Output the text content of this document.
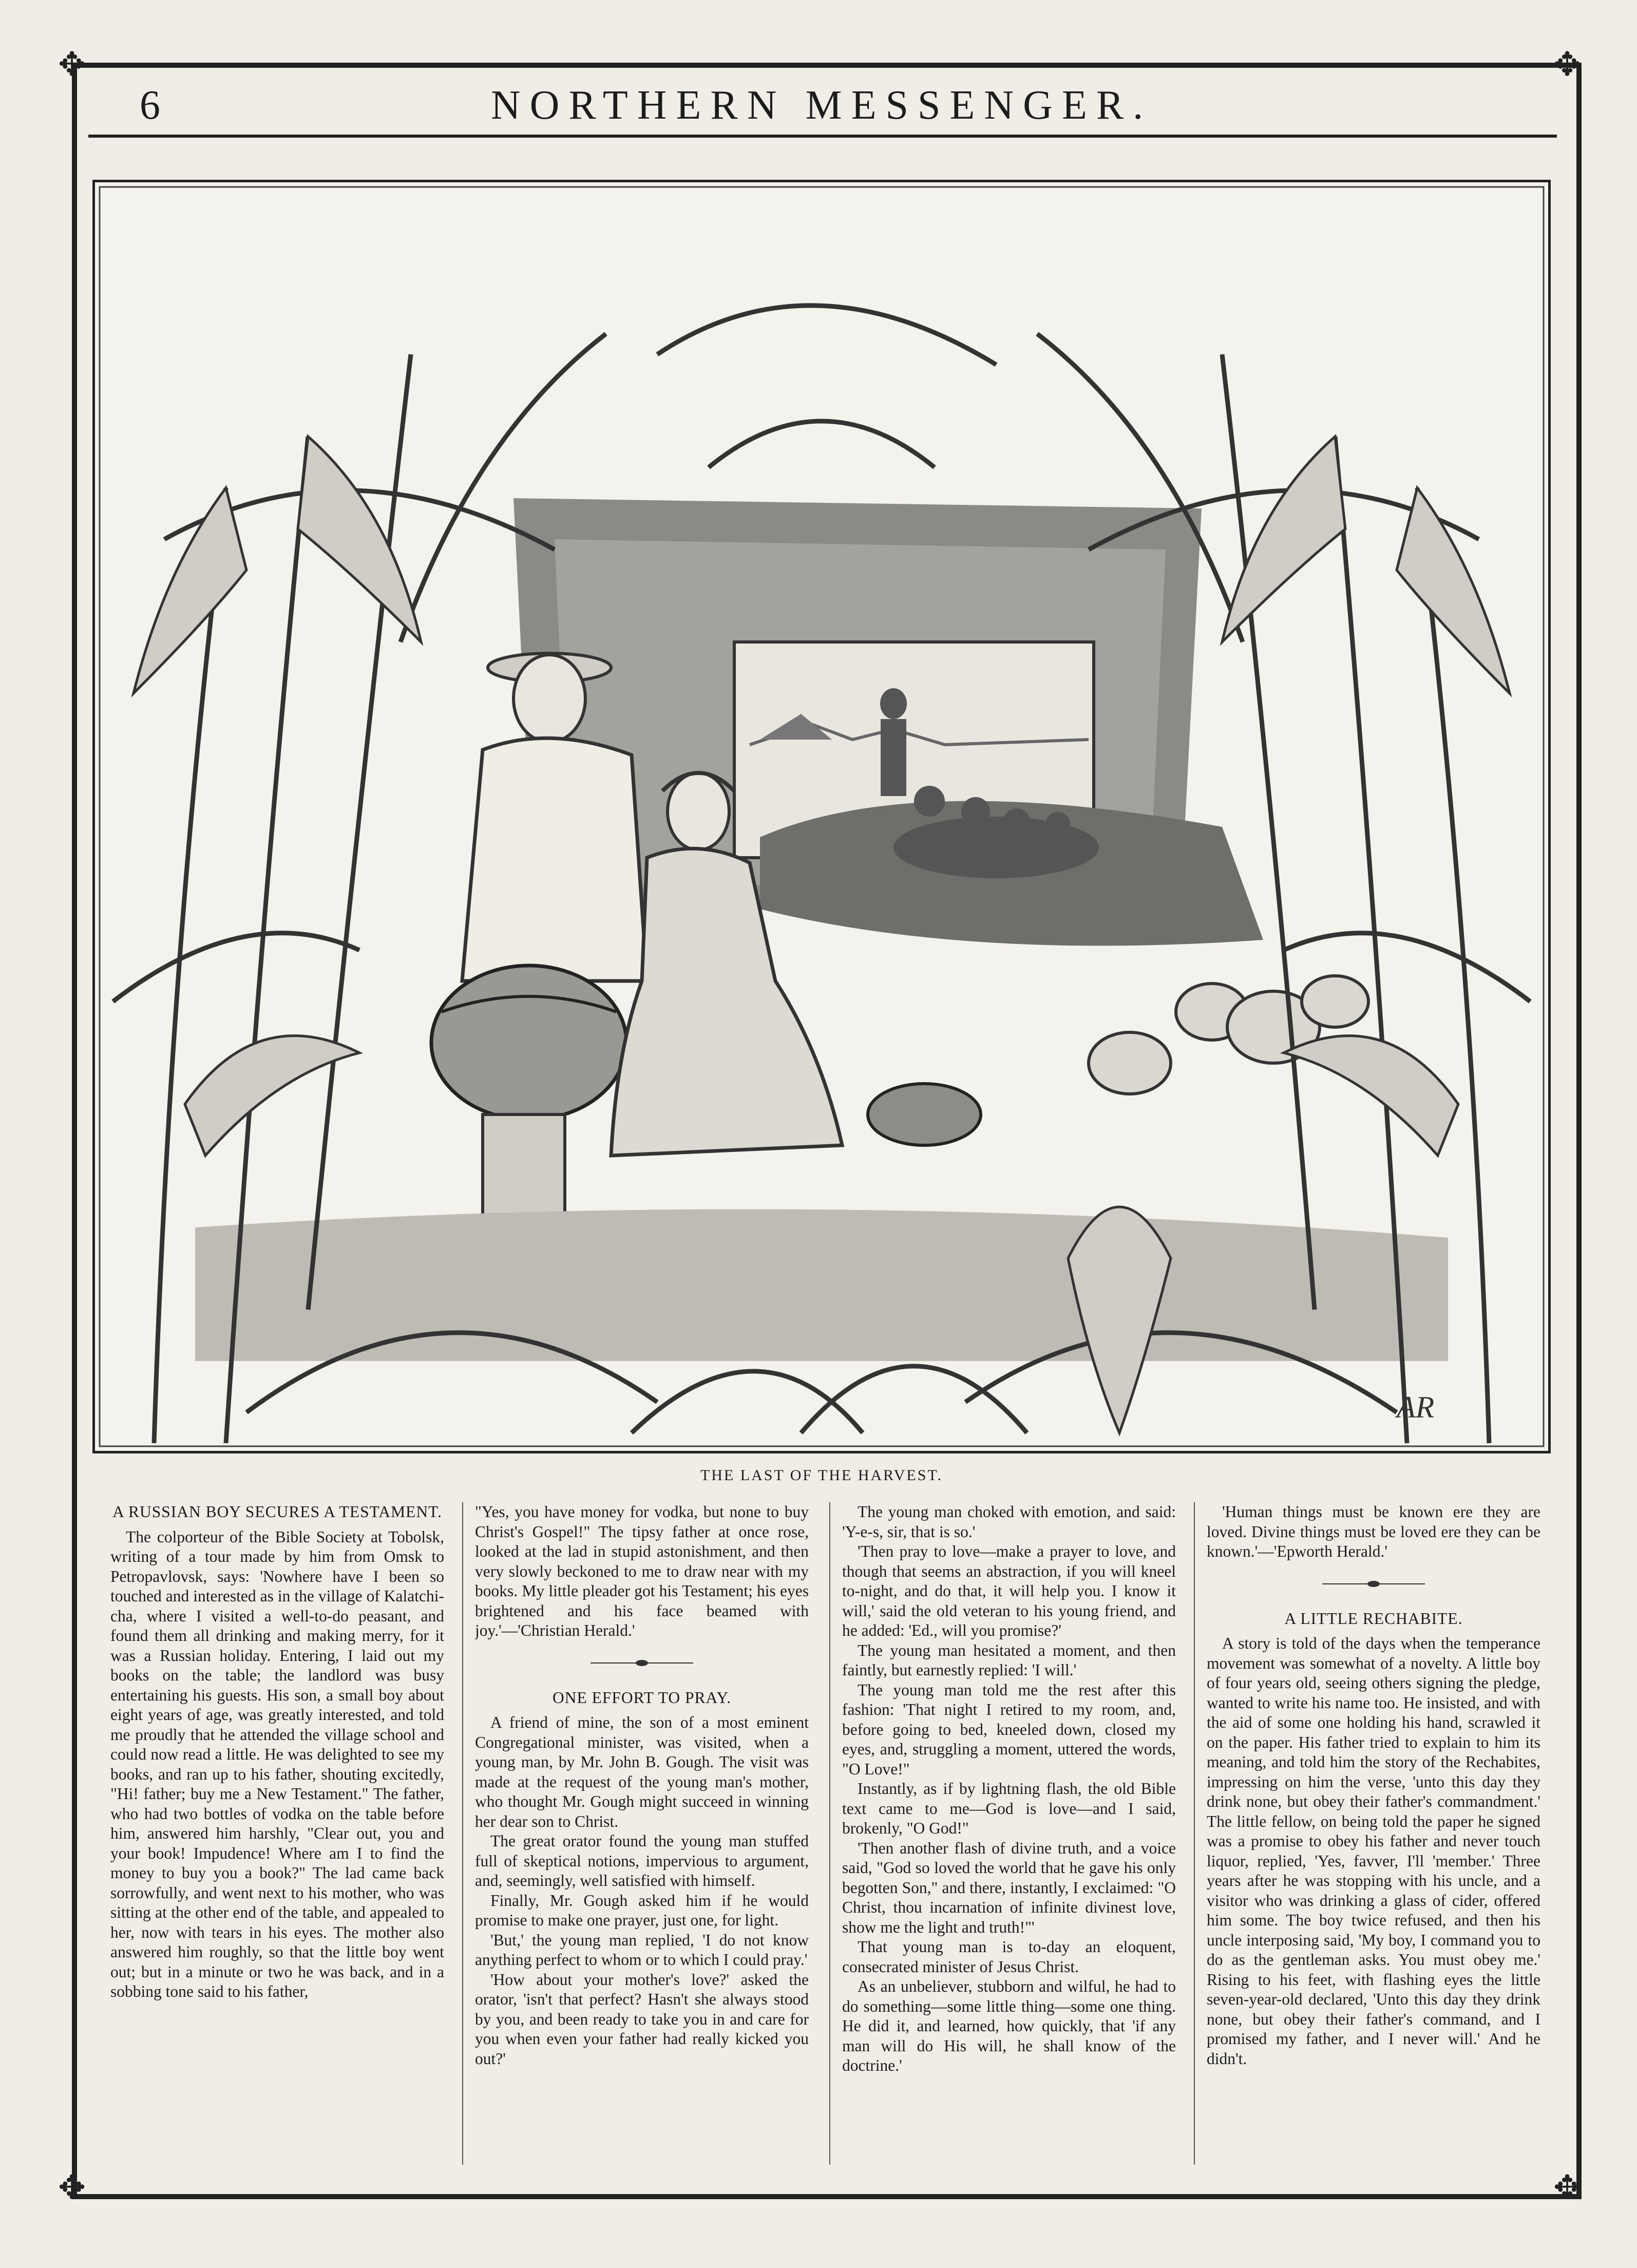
✥	✥
✥	✥
6	NORTHERN MESSENGER.
AR
THE LAST OF THE HARVEST.
A RUSSIAN BOY SECURES A TESTAMENT.

The colporteur of the Bible Society at Tobolsk, writing of a tour made by him from Omsk to Petropavlovsk, says: 'Nowhere have I been so touched and interested as in the village of Kalatchi-cha, where I visited a well-to-do peasant, and found them all drinking and making merry, for it was a Russian holiday. Entering, I laid out my books on the table; the landlord was busy entertaining his guests. His son, a small boy about eight years of age, was greatly interested, and told me proudly that he attended the village school and could now read a little. He was delighted to see my books, and ran up to his father, shouting excitedly, "Hi! father; buy me a New Testament." The father, who had two bottles of vodka on the table before him, answered him harshly, "Clear out, you and your book! Impudence! Where am I to find the money to buy you a book?" The lad came back sorrowfully, and went next to his mother, who was sitting at the other end of the table, and appealed to her, now with tears in his eyes. The mother also answered him roughly, so that the little boy went out; but in a minute or two he was back, and in a sobbing tone said to his father,

"Yes, you have money for vodka, but none to buy Christ's Gospel!" The tipsy father at once rose, looked at the lad in stupid astonishment, and then very slowly beckoned to me to draw near with my books. My little pleader got his Testament; his eyes brightened and his face beamed with joy.'—'Christian Herald.'

ONE EFFORT TO PRAY.

A friend of mine, the son of a most eminent Congregational minister, was visited, when a young man, by Mr. John B. Gough. The visit was made at the request of the young man's mother, who thought Mr. Gough might succeed in winning her dear son to Christ.

The great orator found the young man stuffed full of skeptical notions, impervious to argument, and, seemingly, well satisfied with himself.

Finally, Mr. Gough asked him if he would promise to make one prayer, just one, for light.

'But,' the young man replied, 'I do not know anything perfect to whom or to which I could pray.'

'How about your mother's love?' asked the orator, 'isn't that perfect? Hasn't she always stood by you, and been ready to take you in and care for you when even your father had really kicked you out?'

The young man choked with emotion, and said: 'Y-e-s, sir, that is so.'

'Then pray to love—make a prayer to love, and though that seems an abstraction, if you will kneel to-night, and do that, it will help you. I know it will,' said the old veteran to his young friend, and he added: 'Ed., will you promise?'

The young man hesitated a moment, and then faintly, but earnestly replied: 'I will.'

The young man told me the rest after this fashion: 'That night I retired to my room, and, before going to bed, kneeled down, closed my eyes, and, struggling a moment, uttered the words, "O Love!"

Instantly, as if by lightning flash, the old Bible text came to me—God is love—and I said, brokenly, "O God!"

'Then another flash of divine truth, and a voice said, "God so loved the world that he gave his only begotten Son," and there, instantly, I exclaimed: "O Christ, thou incarnation of infinite divinest love, show me the light and truth!"'

That young man is to-day an eloquent, consecrated minister of Jesus Christ.

As an unbeliever, stubborn and wilful, he had to do something—some little thing—some one thing. He did it, and learned, how quickly, that 'if any man will do His will, he shall know of the doctrine.'

'Human things must be known ere they are loved. Divine things must be loved ere they can be known.'—'Epworth Herald.'

A LITTLE RECHABITE.

A story is told of the days when the temperance movement was somewhat of a novelty. A little boy of four years old, seeing others signing the pledge, wanted to write his name too. He insisted, and with the aid of some one holding his hand, scrawled it on the paper. His father tried to explain to him its meaning, and told him the story of the Rechabites, impressing on him the verse, 'unto this day they drink none, but obey their father's commandment.' The little fellow, on being told the paper he signed was a promise to obey his father and never touch liquor, replied, 'Yes, favver, I'll 'member.' Three years after he was stopping with his uncle, and a visitor who was drinking a glass of cider, offered him some. The boy twice refused, and then his uncle interposing said, 'My boy, I command you to do as the gentleman asks. You must obey me.' Rising to his feet, with flashing eyes the little seven-year-old declared, 'Unto this day they drink none, but obey their father's command, and I promised my father, and I never will.' And he didn't.
